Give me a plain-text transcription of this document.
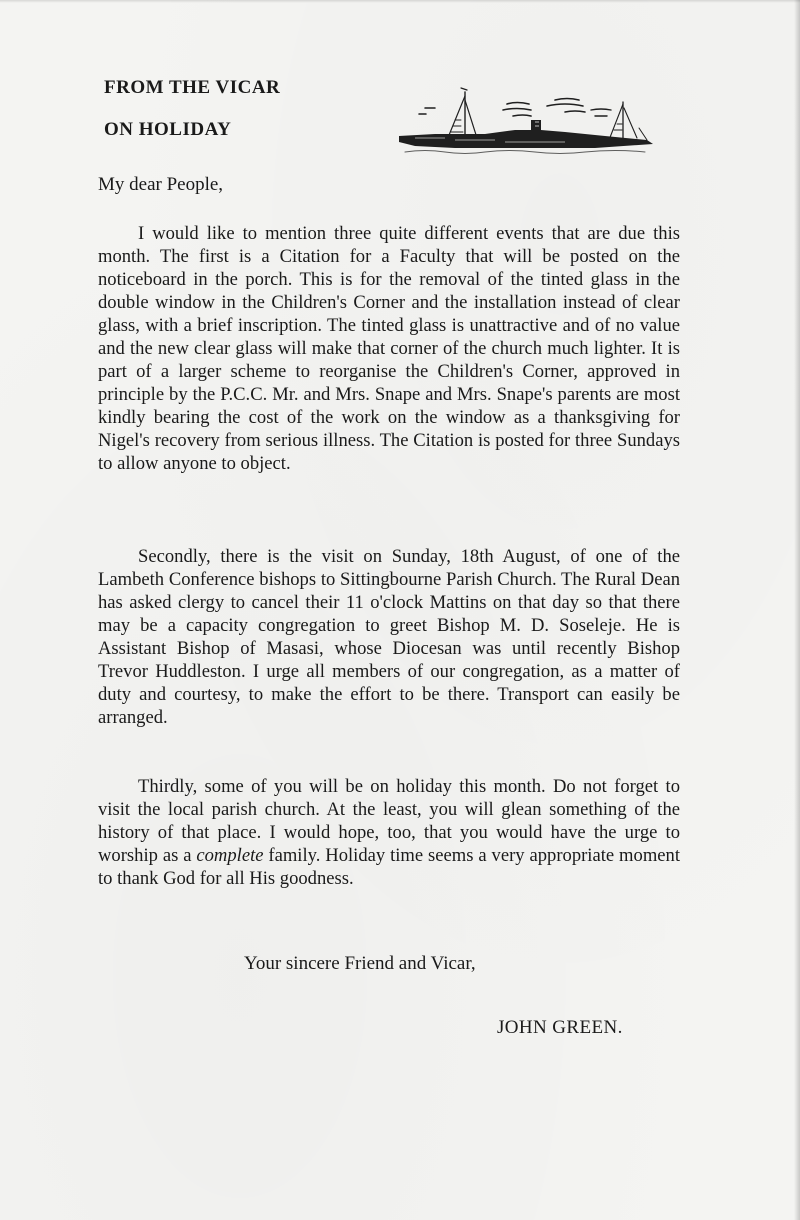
FROM THE VICAR
ON HOLIDAY

My dear People,

I would like to mention three quite different events that are due this month. The first is a Citation for a Faculty that will be posted on the noticeboard in the porch. This is for the removal of the tinted glass in the double window in the Children's Corner and the installation instead of clear glass, with a brief inscription. The tinted glass is unattractive and of no value and the new clear glass will make that corner of the church much lighter. It is part of a larger scheme to reorganise the Children's Corner, approved in principle by the P.C.C. Mr. and Mrs. Snape and Mrs. Snape's parents are most kindly bearing the cost of the work on the window as a thanksgiving for Nigel's recovery from serious illness. The Citation is posted for three Sundays to allow anyone to object.

Secondly, there is the visit on Sunday, 18th August, of one of the Lambeth Conference bishops to Sittingbourne Parish Church. The Rural Dean has asked clergy to cancel their 11 o'clock Mattins on that day so that there may be a capacity congregation to greet Bishop M. D. Soseleje. He is Assistant Bishop of Masasi, whose Diocesan was until recently Bishop Trevor Huddleston. I urge all members of our congregation, as a matter of duty and courtesy, to make the effort to be there. Transport can easily be arranged.

Thirdly, some of you will be on holiday this month. Do not forget to visit the local parish church. At the least, you will glean something of the history of that place. I would hope, too, that you would have the urge to worship as a complete family. Holiday time seems a very appropriate moment to thank God for all His goodness.

Your sincere Friend and Vicar,

JOHN GREEN.
